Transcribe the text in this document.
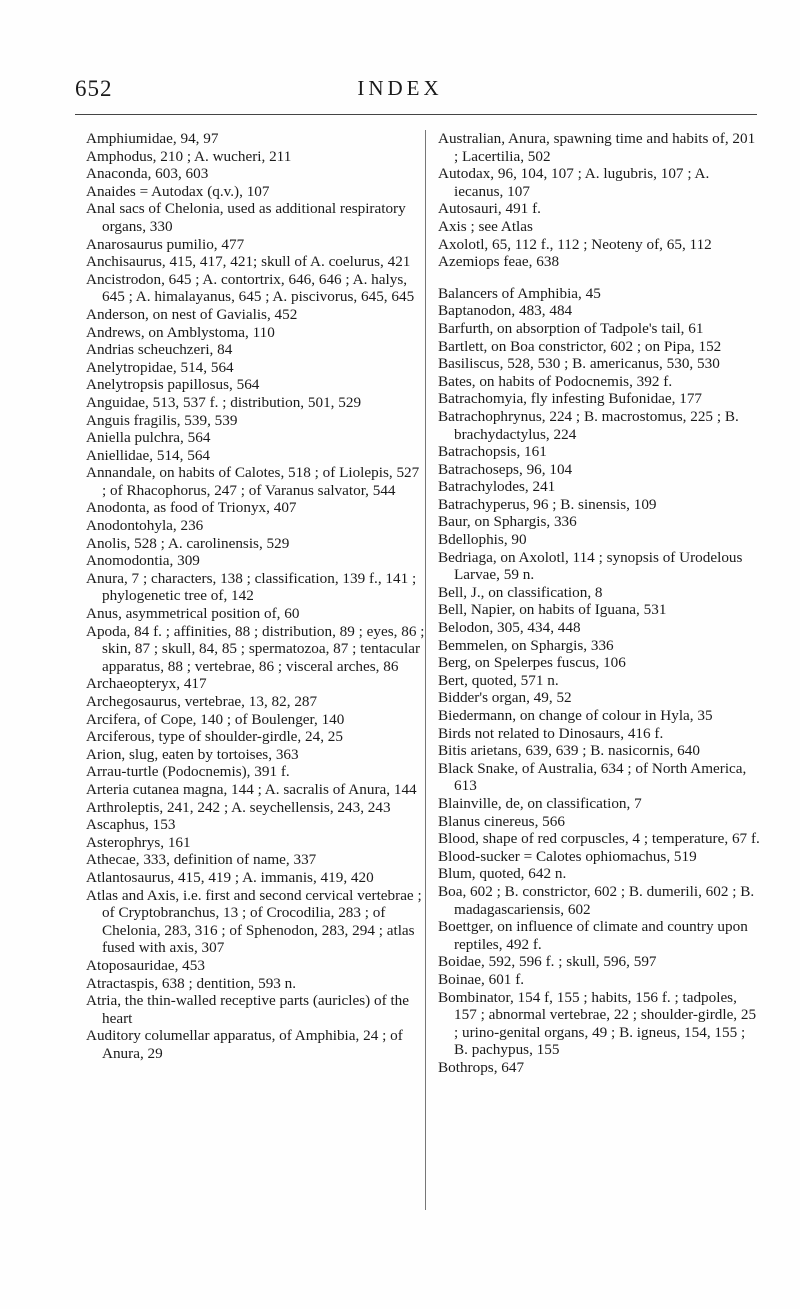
652	INDEX

Amphiumidae, 94, 97

Amphodus, 210 ; A. wucheri, 211

Anaconda, 603, 603

Anaides = Autodax (q.v.), 107

Anal sacs of Chelonia, used as additional respiratory organs, 330

Anarosaurus pumilio, 477

Anchisaurus, 415, 417, 421; skull of A. coelurus, 421

Ancistrodon, 645 ; A. contortrix, 646, 646 ; A. halys, 645 ; A. himalayanus, 645 ; A. piscivorus, 645, 645

Anderson, on nest of Gavialis, 452

Andrews, on Amblystoma, 110

Andrias scheuchzeri, 84

Anelytropidae, 514, 564

Anelytropsis papillosus, 564

Anguidae, 513, 537 f. ; distribution, 501, 529

Anguis fragilis, 539, 539

Aniella pulchra, 564

Aniellidae, 514, 564

Annandale, on habits of Calotes, 518 ; of Liolepis, 527 ; of Rhacophorus, 247 ; of Varanus salvator, 544

Anodonta, as food of Trionyx, 407

Anodontohyla, 236

Anolis, 528 ; A. carolinensis, 529

Anomodontia, 309

Anura, 7 ; characters, 138 ; classification, 139 f., 141 ; phylogenetic tree of, 142

Anus, asymmetrical position of, 60

Apoda, 84 f. ; affinities, 88 ; distribution, 89 ; eyes, 86 ; skin, 87 ; skull, 84, 85 ; spermatozoa, 87 ; tentacular apparatus, 88 ; vertebrae, 86 ; visceral arches, 86

Archaeopteryx, 417

Archegosaurus, vertebrae, 13, 82, 287

Arcifera, of Cope, 140 ; of Boulenger, 140

Arciferous, type of shoulder-girdle, 24, 25

Arion, slug, eaten by tortoises, 363

Arrau-turtle (Podocnemis), 391 f.

Arteria cutanea magna, 144 ; A. sacralis of Anura, 144

Arthroleptis, 241, 242 ; A. seychellensis, 243, 243

Ascaphus, 153

Asterophrys, 161

Athecae, 333, definition of name, 337

Atlantosaurus, 415, 419 ; A. immanis, 419, 420

Atlas and Axis, i.e. first and second cervical vertebrae ; of Cryptobranchus, 13 ; of Crocodilia, 283 ; of Chelonia, 283, 316 ; of Sphenodon, 283, 294 ; atlas fused with axis, 307

Atoposauridae, 453

Atractaspis, 638 ; dentition, 593 n.

Atria, the thin-walled receptive parts (auricles) of the heart

Auditory columellar apparatus, of Amphibia, 24 ; of Anura, 29

Australian, Anura, spawning time and habits of, 201 ; Lacertilia, 502

Autodax, 96, 104, 107 ; A. lugubris, 107 ; A. iecanus, 107

Autosauri, 491 f.

Axis ; see Atlas

Axolotl, 65, 112 f., 112 ; Neoteny of, 65, 112

Azemiops feae, 638

Balancers of Amphibia, 45

Baptanodon, 483, 484

Barfurth, on absorption of Tadpole's tail, 61

Bartlett, on Boa constrictor, 602 ; on Pipa, 152

Basiliscus, 528, 530 ; B. americanus, 530, 530

Bates, on habits of Podocnemis, 392 f.

Batrachomyia, fly infesting Bufonidae, 177

Batrachophrynus, 224 ; B. macrostomus, 225 ; B. brachydactylus, 224

Batrachopsis, 161

Batrachoseps, 96, 104

Batrachylodes, 241

Batrachyperus, 96 ; B. sinensis, 109

Baur, on Sphargis, 336

Bdellophis, 90

Bedriaga, on Axolotl, 114 ; synopsis of Urodelous Larvae, 59 n.

Bell, J., on classification, 8

Bell, Napier, on habits of Iguana, 531

Belodon, 305, 434, 448

Bemmelen, on Sphargis, 336

Berg, on Spelerpes fuscus, 106

Bert, quoted, 571 n.

Bidder's organ, 49, 52

Biedermann, on change of colour in Hyla, 35

Birds not related to Dinosaurs, 416 f.

Bitis arietans, 639, 639 ; B. nasicornis, 640

Black Snake, of Australia, 634 ; of North America, 613

Blainville, de, on classification, 7

Blanus cinereus, 566

Blood, shape of red corpuscles, 4 ; temperature, 67 f.

Blood-sucker = Calotes ophiomachus, 519

Blum, quoted, 642 n.

Boa, 602 ; B. constrictor, 602 ; B. dumerili, 602 ; B. madagascariensis, 602

Boettger, on influence of climate and country upon reptiles, 492 f.

Boidae, 592, 596 f. ; skull, 596, 597

Boinae, 601 f.

Bombinator, 154 f, 155 ; habits, 156 f. ; tadpoles, 157 ; abnormal vertebrae, 22 ; shoulder-girdle, 25 ; urino-genital organs, 49 ; B. igneus, 154, 155 ; B. pachypus, 155

Bothrops, 647
